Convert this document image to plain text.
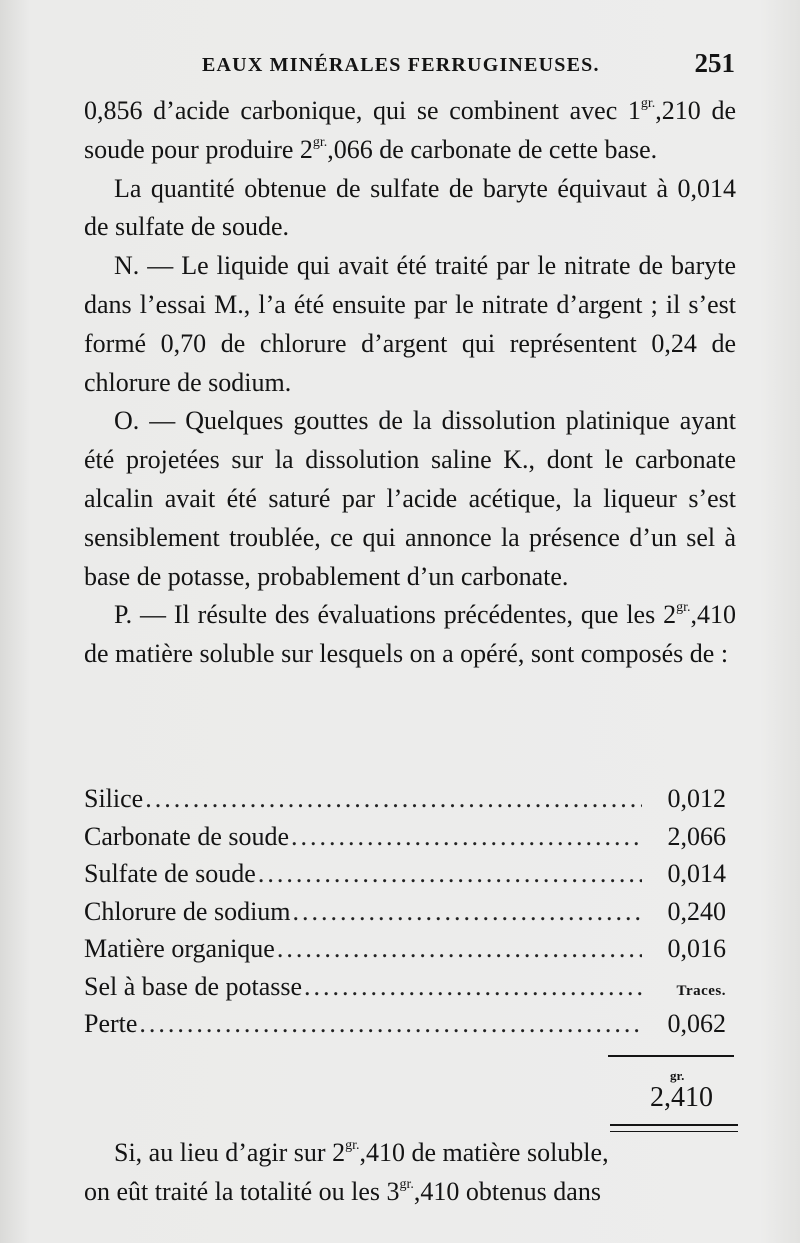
EAUX MINÉRALES FERRUGINEUSES.	251

0,856 d’acide carbonique, qui se combinent avec $1^{gr.},210$ de soude pour produire $2^{gr.},066$ de carbonate de cette base.

La quantité obtenue de sulfate de baryte équivaut à 0,014 de sulfate de soude.

N. — Le liquide qui avait été traité par le nitrate de baryte dans l’essai M., l’a été ensuite par le nitrate d’argent ; il s’est formé 0,70 de chlorure d’argent qui représentent 0,24 de chlorure de sodium.

O. — Quelques gouttes de la dissolution platinique ayant été projetées sur la dissolution saline K., dont le carbonate alcalin avait été saturé par l’acide acétique, la liqueur s’est sensiblement troublée, ce qui annonce la présence d’un sel à base de potasse, probablement d’un carbonate.

P. — Il résulte des évaluations précédentes, que les $2^{gr.},410$ de matière soluble sur lesquels on a opéré, sont composés de :

Silice .....	0,012
Carbonate de soude .....	2,066
Sulfate de soude .....	0,014
Chlorure de sodium .....	0,240
Matière organique .....	0,016
Sel à base de potasse .....	Traces.
Perte .....	0,062
gr.
2,410

Si, au lieu d’agir sur $2^{gr.},410$ de matière soluble,
on eût traité la totalité ou les $3^{gr.},410$ obtenus dans
